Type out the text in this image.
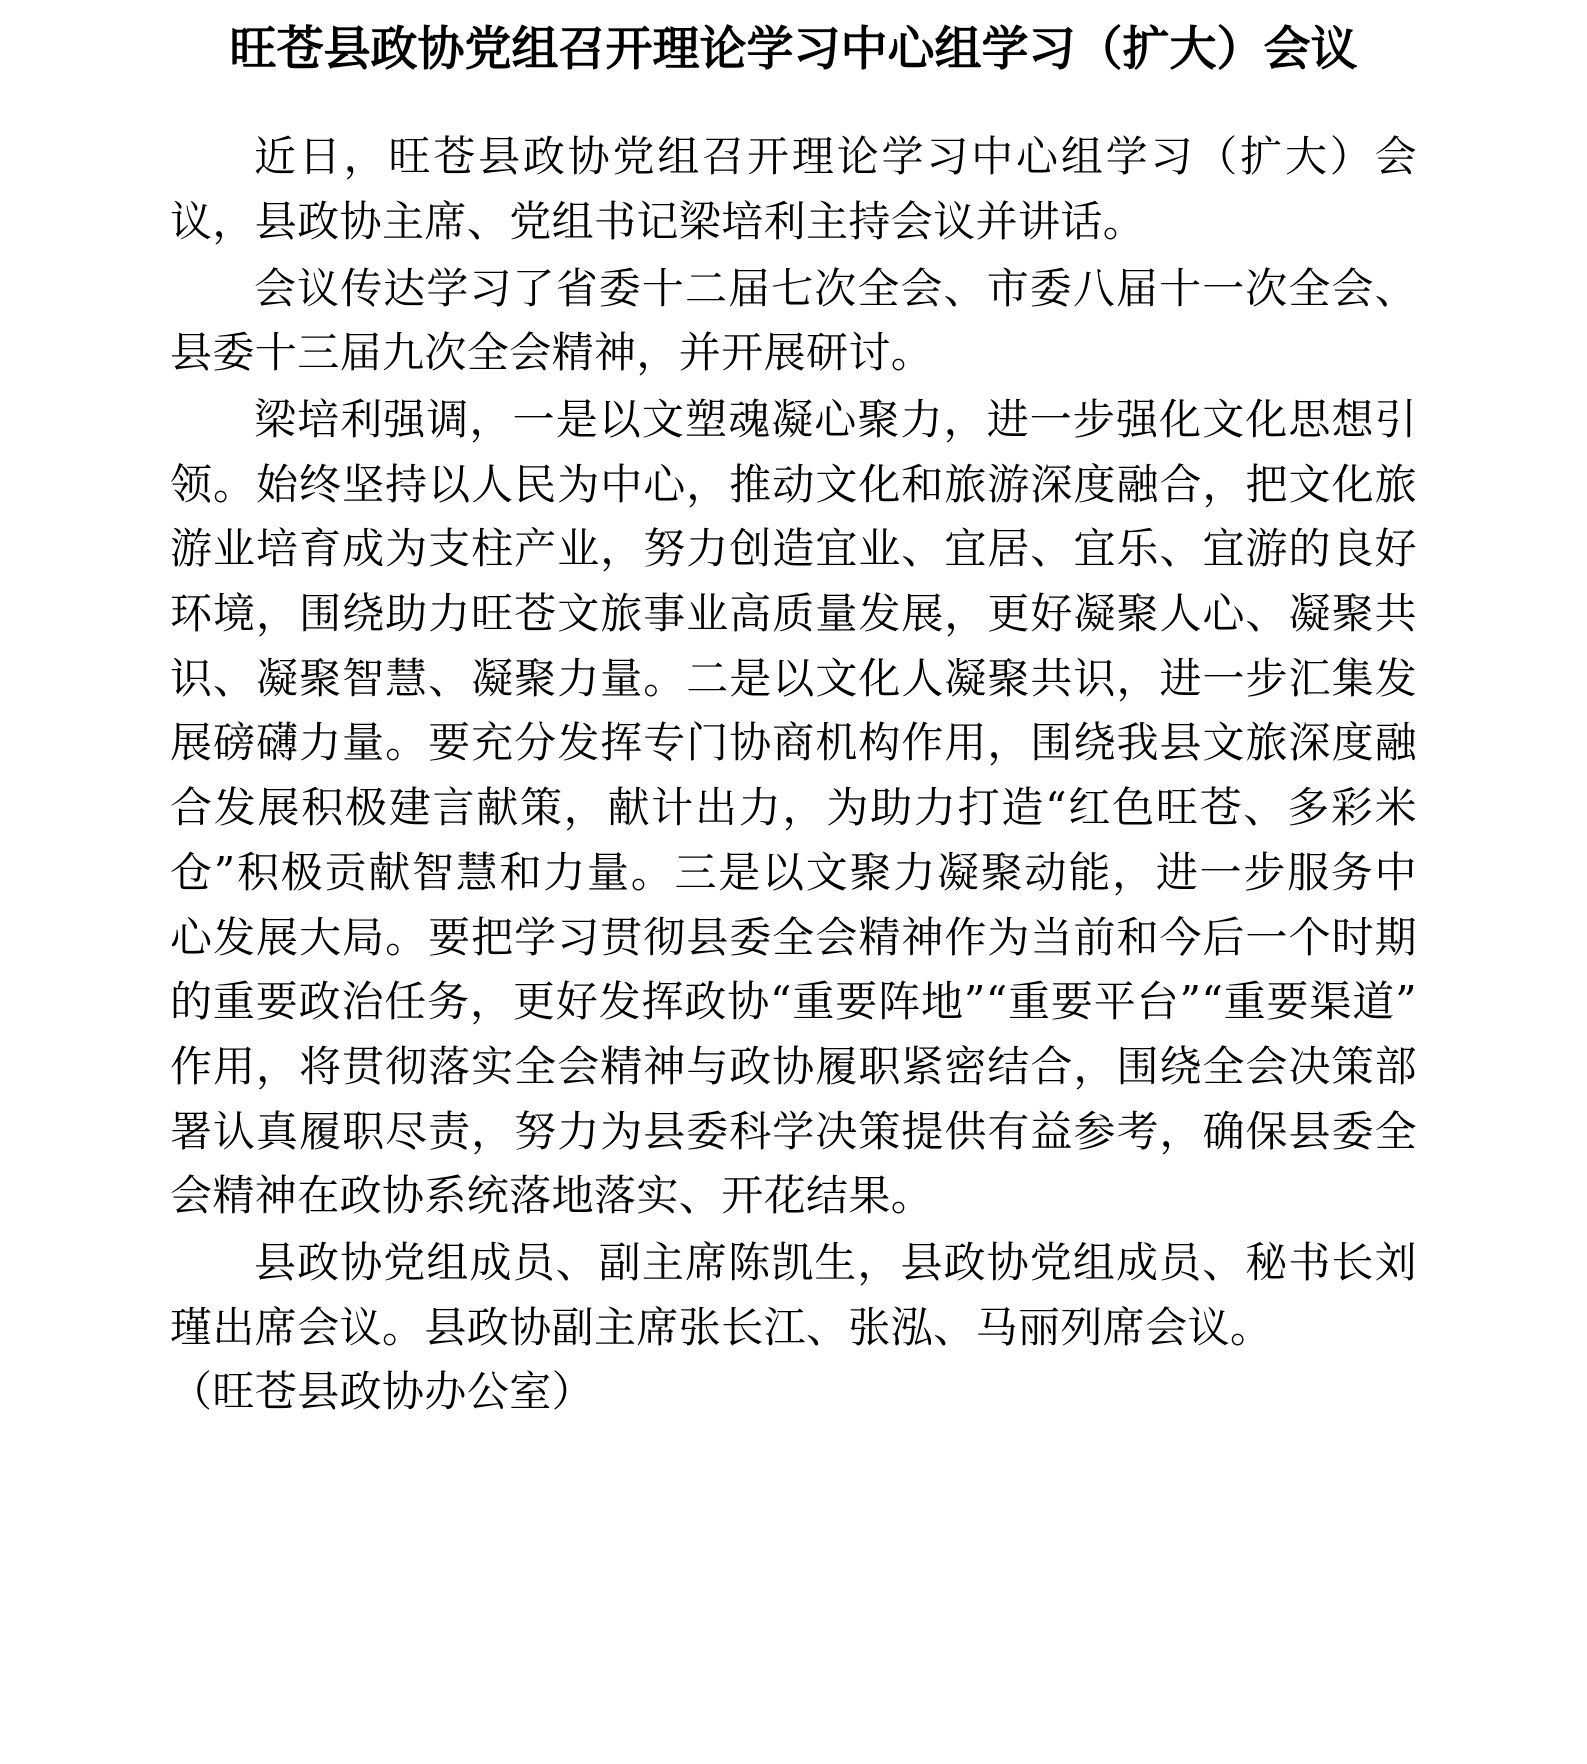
旺苍县政协党组召开理论学习中心组学习（扩大）会议

近日，旺苍县政协党组召开理论学习中心组学习（扩大）会议，县政协主席、党组书记梁培利主持会议并讲话。

会议传达学习了省委十二届七次全会、市委八届十一次全会、县委十三届九次全会精神，并开展研讨。

梁培利强调，一是以文塑魂凝心聚力，进一步强化文化思想引领。始终坚持以人民为中心，推动文化和旅游深度融合，把文化旅游业培育成为支柱产业，努力创造宜业、宜居、宜乐、宜游的良好环境，围绕助力旺苍文旅事业高质量发展，更好凝聚人心、凝聚共识、凝聚智慧、凝聚力量。二是以文化人凝聚共识，进一步汇集发展磅礴力量。要充分发挥专门协商机构作用，围绕我县文旅深度融合发展积极建言献策，献计出力，为助力打造“红色旺苍、多彩米仓”积极贡献智慧和力量。三是以文聚力凝聚动能，进一步服务中心发展大局。要把学习贯彻县委全会精神作为当前和今后一个时期的重要政治任务，更好发挥政协“重要阵地”“重要平台”“重要渠道”作用，将贯彻落实全会精神与政协履职紧密结合，围绕全会决策部署认真履职尽责，努力为县委科学决策提供有益参考，确保县委全会精神在政协系统落地落实、开花结果。

县政协党组成员、副主席陈凯生，县政协党组成员、秘书长刘瑾出席会议。县政协副主席张长江、张泓、马丽列席会议。

（旺苍县政协办公室）
